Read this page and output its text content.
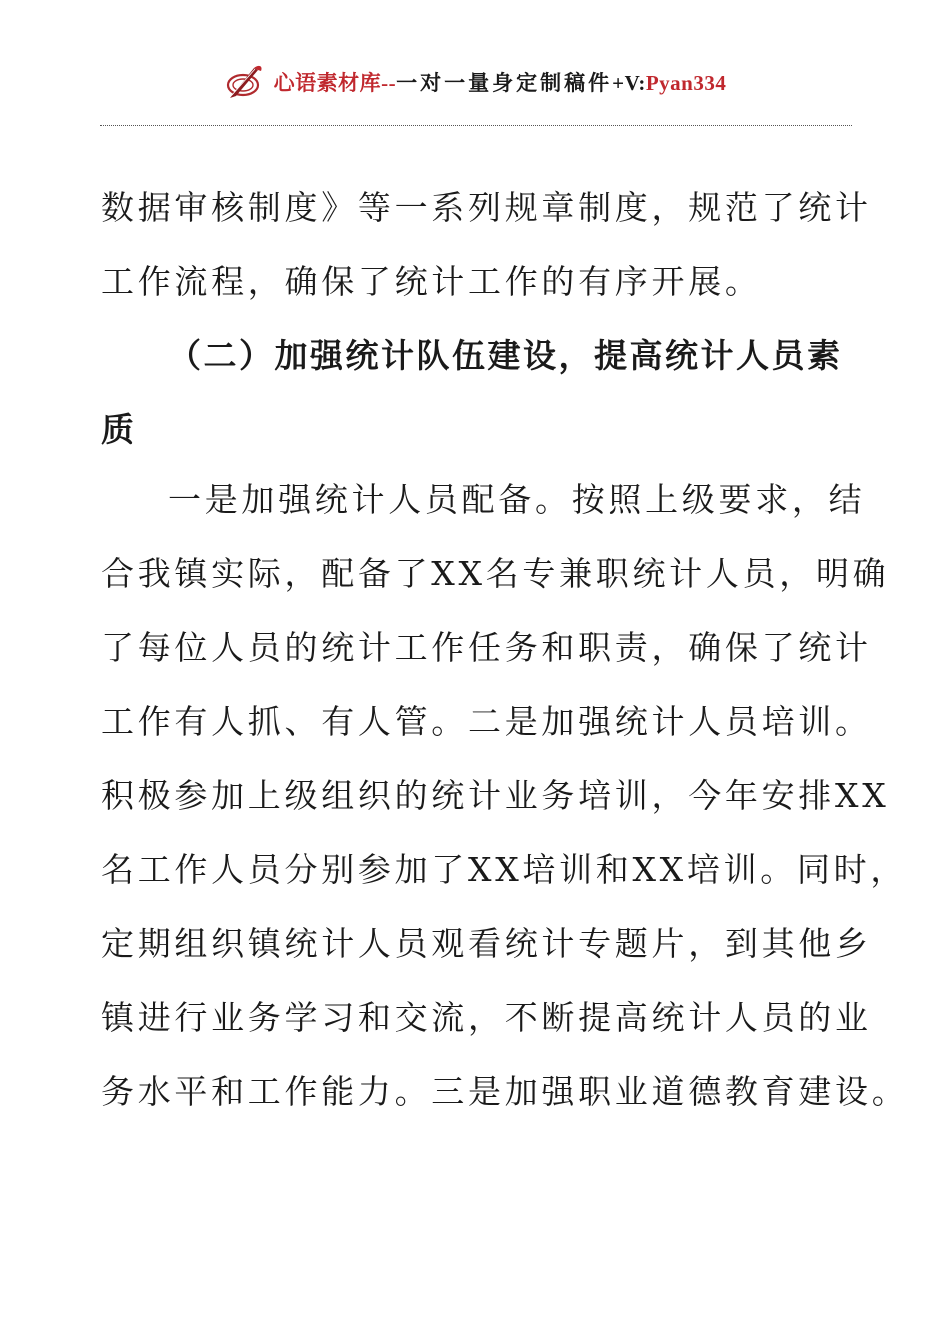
心语素材库--一对一量身定制稿件+V:Pyan334
数据审核制度》等一系列规章制度，规范了统计
工作流程，确保了统计工作的有序开展。
（二）加强统计队伍建设，提高统计人员素
质
一是加强统计人员配备。按照上级要求，结
合我镇实际，配备了XX名专兼职统计人员，明确
了每位人员的统计工作任务和职责，确保了统计
工作有人抓、有人管。二是加强统计人员培训。
积极参加上级组织的统计业务培训，今年安排XX
名工作人员分别参加了XX培训和XX培训。同时，
定期组织镇统计人员观看统计专题片，到其他乡
镇进行业务学习和交流，不断提高统计人员的业
务水平和工作能力。三是加强职业道德教育建设。
